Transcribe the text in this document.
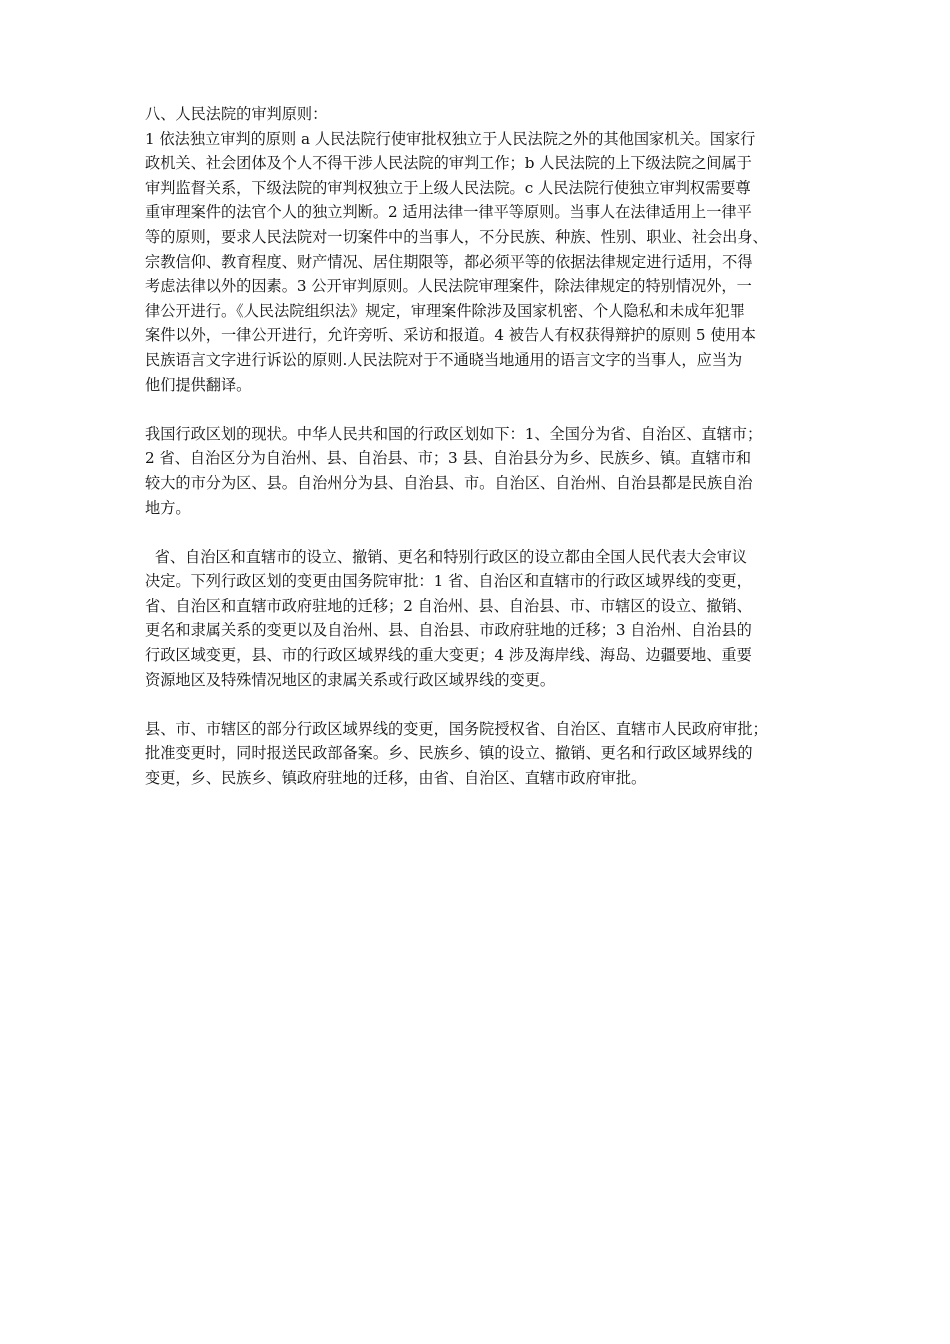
八、人民法院的审判原则：
1 依法独立审判的原则 a 人民法院行使审批权独立于人民法院之外的其他国家机关。国家行
政机关、社会团体及个人不得干涉人民法院的审判工作；b 人民法院的上下级法院之间属于
审判监督关系，下级法院的审判权独立于上级人民法院。c 人民法院行使独立审判权需要尊
重审理案件的法官个人的独立判断。2 适用法律一律平等原则。当事人在法律适用上一律平
等的原则，要求人民法院对一切案件中的当事人，不分民族、种族、性别、职业、社会出身、
宗教信仰、教育程度、财产情况、居住期限等，都必须平等的依据法律规定进行适用，不得
考虑法律以外的因素。3 公开审判原则。人民法院审理案件，除法律规定的特别情况外，一
律公开进行。《人民法院组织法》规定，审理案件除涉及国家机密、个人隐私和未成年犯罪
案件以外，一律公开进行，允许旁听、采访和报道。4 被告人有权获得辩护的原则 5 使用本
民族语言文字进行诉讼的原则.人民法院对于不通晓当地通用的语言文字的当事人，应当为
他们提供翻译。
我国行政区划的现状。中华人民共和国的行政区划如下：1、全国分为省、自治区、直辖市；
2 省、自治区分为自治州、县、自治县、市；3 县、自治县分为乡、民族乡、镇。直辖市和
较大的市分为区、县。自治州分为县、自治县、市。自治区、自治州、自治县都是民族自治
地方。
省、自治区和直辖市的设立、撤销、更名和特别行政区的设立都由全国人民代表大会审议
决定。下列行政区划的变更由国务院审批：1 省、自治区和直辖市的行政区域界线的变更，
省、自治区和直辖市政府驻地的迁移；2 自治州、县、自治县、市、市辖区的设立、撤销、
更名和隶属关系的变更以及自治州、县、自治县、市政府驻地的迁移；3 自治州、自治县的
行政区域变更，县、市的行政区域界线的重大变更；4 涉及海岸线、海岛、边疆要地、重要
资源地区及特殊情况地区的隶属关系或行政区域界线的变更。
县、市、市辖区的部分行政区域界线的变更，国务院授权省、自治区、直辖市人民政府审批；
批准变更时，同时报送民政部备案。乡、民族乡、镇的设立、撤销、更名和行政区域界线的
变更，乡、民族乡、镇政府驻地的迁移，由省、自治区、直辖市政府审批。
